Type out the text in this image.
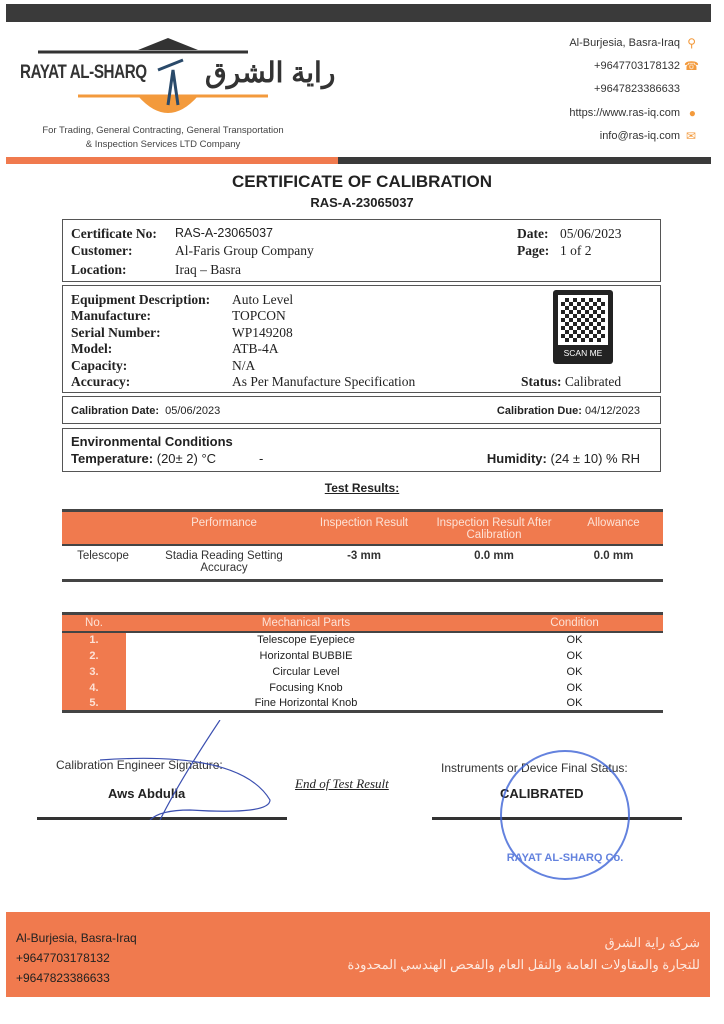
RAYAT AL-SHARQ راية الشرق
For Trading, General Contracting, General Transportation
& Inspection Services LTD Company
Al-Burjesia, Basra-Iraq ⚲
+9647703178132 ☎
+9647823386633
https://www.ras-iq.com ●
info@ras-iq.com ✉
CERTIFICATE OF CALIBRATION
RAS-A-23065037
Certificate No: RAS-A-23065037
Customer:	Al-Faris Group Company
Location:	Iraq – Basra
Date: 05/06/2023
Page: 1 of 2
Equipment Description: Auto Level
Manufacture:	TOPCON
Serial Number:	WP149208
Model:	ATB-4A
Capacity:	N/A
Accuracy:	As Per Manufacture Specification
SCAN ME
Status: Calibrated
Calibration Date: 05/06/2023	Calibration Due: 04/12/2023
Environmental Conditions
Temperature: (20± 2) °C	-	Humidity: (24 ± 10) % RH
Test Results:
	Performance	Inspection Result	Inspection Result After Calibration	Allowance
Telescope	Stadia Reading Setting Accuracy	-3 mm	0.0 mm	0.0 mm
No.	Mechanical Parts	Condition
1.	Telescope Eyepiece	OK
2.	Horizontal BUBBIE	OK
3.	Circular Level	OK
4.	Focusing Knob	OK
5.	Fine Horizontal Knob	OK
Calibration Engineer Signature:
Aws Abdulla
End of Test Result
Instruments or Device Final Status:
CALIBRATED
RAYAT AL-SHARQ Co.
Al-Burjesia, Basra-Iraq
+9647703178132
+9647823386633
شركة راية الشرق
للتجارة والمقاولات العامة والنقل العام والفحص الهندسي المحدودة
